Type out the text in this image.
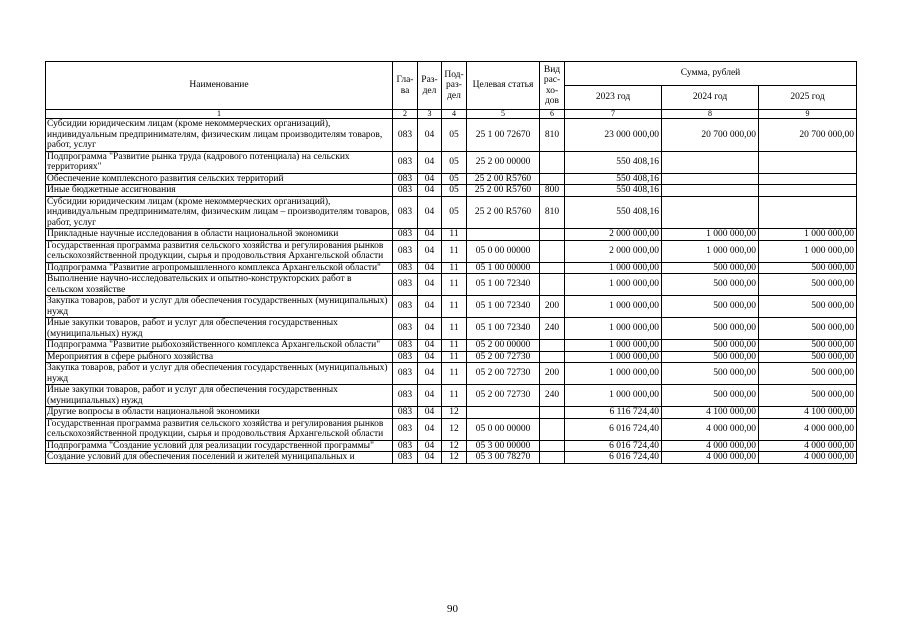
Наименование	Гла-ва	Раз-дел	Под-раз-дел	Целевая статья	Вид рас-хо-дов	Сумма, рублей		
						2023 год	2024 год	2025 год
1	2	3	4	5	6	7	8	9
Субсидии юридическим лицам (кроме некоммерческих организаций), индивидуальным предпринимателям, физическим лицам производителям товаров, работ, услуг	083	04	05	25 1 00 72670	810	23 000 000,00	20 700 000,00	20 700 000,00
Подпрограмма "Развитие рынка труда (кадрового потенциала) на сельских территориях"	083	04	05	25 2 00 00000		550 408,16		
Обеспечение комплексного развития сельских территорий	083	04	05	25 2 00 R5760		550 408,16		
Иные бюджетные ассигнования	083	04	05	25 2 00 R5760	800	550 408,16		
Субсидии юридическим лицам (кроме некоммерческих организаций), индивидуальным предпринимателям, физическим лицам – производителям товаров, работ, услуг	083	04	05	25 2 00 R5760	810	550 408,16		
Прикладные научные исследования в области национальной экономики	083	04	11			2 000 000,00	1 000 000,00	1 000 000,00
Государственная программа развития сельского хозяйства и регулирования рынков сельскохозяйственной продукции, сырья и продовольствия Архангельской области	083	04	11	05 0 00 00000		2 000 000,00	1 000 000,00	1 000 000,00
Подпрограмма "Развитие агропромышленного комплекса Архангельской области"	083	04	11	05 1 00 00000		1 000 000,00	500 000,00	500 000,00
Выполнение научно-исследовательских и опытно-конструкторских работ в сельском хозяйстве	083	04	11	05 1 00 72340		1 000 000,00	500 000,00	500 000,00
Закупка товаров, работ и услуг для обеспечения государственных (муниципальных) нужд	083	04	11	05 1 00 72340	200	1 000 000,00	500 000,00	500 000,00
Иные закупки товаров, работ и услуг для обеспечения государственных (муниципальных) нужд	083	04	11	05 1 00 72340	240	1 000 000,00	500 000,00	500 000,00
Подпрограмма "Развитие рыбохозяйственного комплекса Архангельской области"	083	04	11	05 2 00 00000		1 000 000,00	500 000,00	500 000,00
Мероприятия в сфере рыбного хозяйства	083	04	11	05 2 00 72730		1 000 000,00	500 000,00	500 000,00
Закупка товаров, работ и услуг для обеспечения государственных (муниципальных) нужд	083	04	11	05 2 00 72730	200	1 000 000,00	500 000,00	500 000,00
Иные закупки товаров, работ и услуг для обеспечения государственных (муниципальных) нужд	083	04	11	05 2 00 72730	240	1 000 000,00	500 000,00	500 000,00
Другие вопросы в области национальной экономики	083	04	12			6 116 724,40	4 100 000,00	4 100 000,00
Государственная программа развития сельского хозяйства и регулирования рынков сельскохозяйственной продукции, сырья и продовольствия Архангельской области	083	04	12	05 0 00 00000		6 016 724,40	4 000 000,00	4 000 000,00
Подпрограмма "Создание условий для реализации государственной программы"	083	04	12	05 3 00 00000		6 016 724,40	4 000 000,00	4 000 000,00
Создание условий для обеспечения поселений и жителей муниципальных и	083	04	12	05 3 00 78270		6 016 724,40	4 000 000,00	4 000 000,00
90
